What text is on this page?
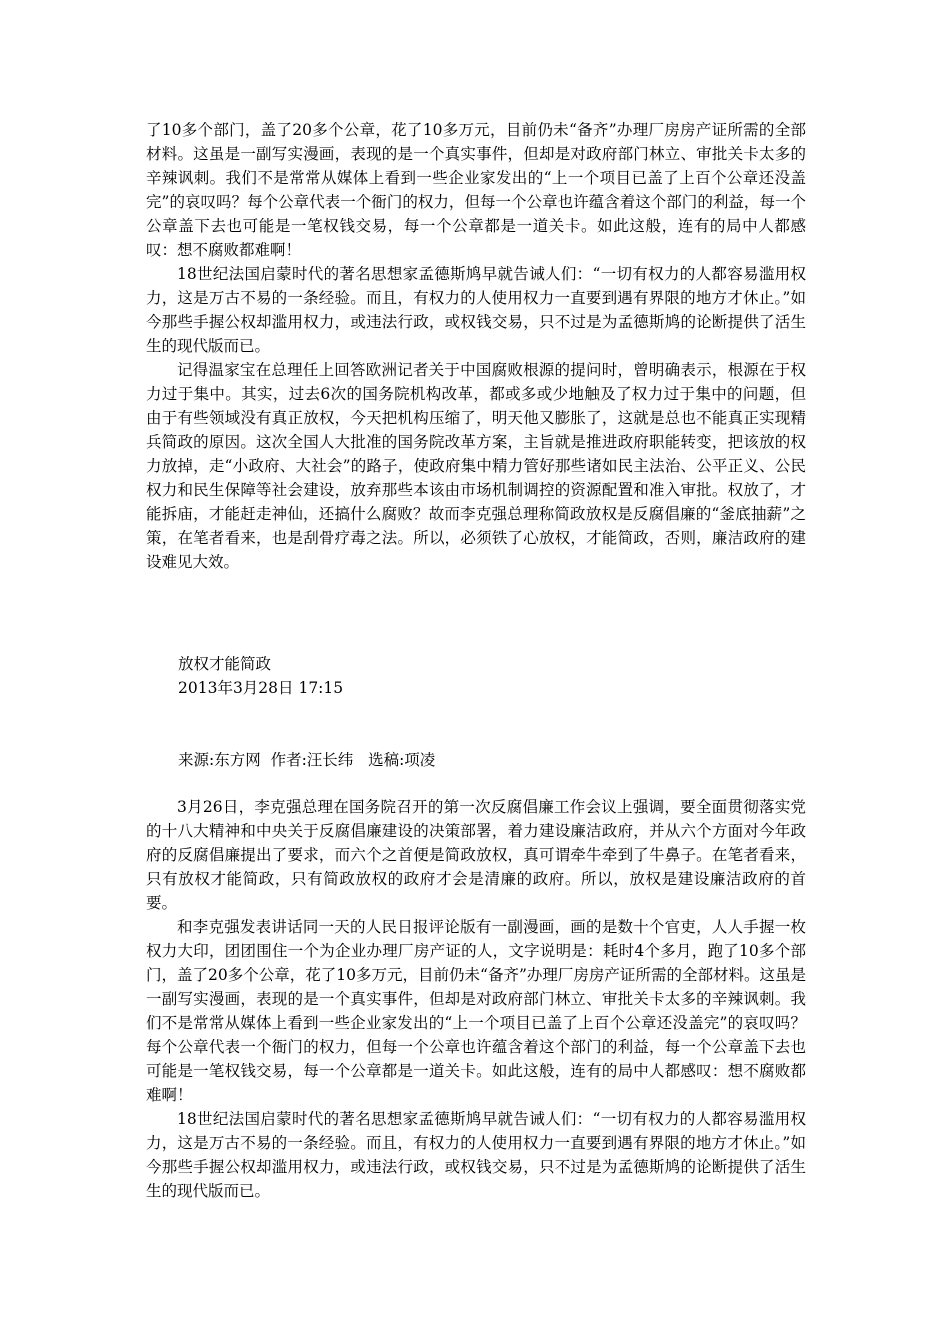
了10多个部门，盖了20多个公章，花了10多万元，目前仍未“备齐”办理厂房房产证所需的全部材料。这虽是一副写实漫画，表现的是一个真实事件，但却是对政府部门林立、审批关卡太多的辛辣讽刺。我们不是常常从媒体上看到一些企业家发出的“上一个项目已盖了上百个公章还没盖完”的哀叹吗？每个公章代表一个衙门的权力，但每一个公章也许蕴含着这个部门的利益，每一个公章盖下去也可能是一笔权钱交易，每一个公章都是一道关卡。如此这般，连有的局中人都感叹：想不腐败都难啊！

18世纪法国启蒙时代的著名思想家孟德斯鸠早就告诫人们：“一切有权力的人都容易滥用权力，这是万古不易的一条经验。而且，有权力的人使用权力一直要到遇有界限的地方才休止。”如今那些手握公权却滥用权力，或违法行政，或权钱交易，只不过是为孟德斯鸠的论断提供了活生生的现代版而已。

记得温家宝在总理任上回答欧洲记者关于中国腐败根源的提问时，曾明确表示，根源在于权力过于集中。其实，过去6次的国务院机构改革，都或多或少地触及了权力过于集中的问题，但由于有些领域没有真正放权，今天把机构压缩了，明天他又膨胀了，这就是总也不能真正实现精兵简政的原因。这次全国人大批准的国务院改革方案，主旨就是推进政府职能转变，把该放的权力放掉，走“小政府、大社会”的路子，使政府集中精力管好那些诸如民主法治、公平正义、公民权力和民生保障等社会建设，放弃那些本该由市场机制调控的资源配置和准入审批。权放了，才能拆庙，才能赶走神仙，还搞什么腐败？故而李克强总理称简政放权是反腐倡廉的“釜底抽薪”之策，在笔者看来，也是刮骨疗毒之法。所以，必须铁了心放权，才能简政，否则，廉洁政府的建设难见大效。

放权才能简政
2013年3月28日 17:15
来源:东方网  作者:汪长纬   选稿:项凌

3月26日，李克强总理在国务院召开的第一次反腐倡廉工作会议上强调，要全面贯彻落实党的十八大精神和中央关于反腐倡廉建设的决策部署，着力建设廉洁政府，并从六个方面对今年政府的反腐倡廉提出了要求，而六个之首便是简政放权，真可谓牵牛牵到了牛鼻子。在笔者看来，只有放权才能简政，只有简政放权的政府才会是清廉的政府。所以，放权是建设廉洁政府的首要。

和李克强发表讲话同一天的人民日报评论版有一副漫画，画的是数十个官吏，人人手握一枚权力大印，团团围住一个为企业办理厂房产证的人，文字说明是：耗时4个多月，跑了10多个部门，盖了20多个公章，花了10多万元，目前仍未“备齐”办理厂房房产证所需的全部材料。这虽是一副写实漫画，表现的是一个真实事件，但却是对政府部门林立、审批关卡太多的辛辣讽刺。我们不是常常从媒体上看到一些企业家发出的“上一个项目已盖了上百个公章还没盖完”的哀叹吗？每个公章代表一个衙门的权力，但每一个公章也许蕴含着这个部门的利益，每一个公章盖下去也可能是一笔权钱交易，每一个公章都是一道关卡。如此这般，连有的局中人都感叹：想不腐败都难啊！

18世纪法国启蒙时代的著名思想家孟德斯鸠早就告诫人们：“一切有权力的人都容易滥用权力，这是万古不易的一条经验。而且，有权力的人使用权力一直要到遇有界限的地方才休止。”如今那些手握公权却滥用权力，或违法行政，或权钱交易，只不过是为孟德斯鸠的论断提供了活生生的现代版而已。
